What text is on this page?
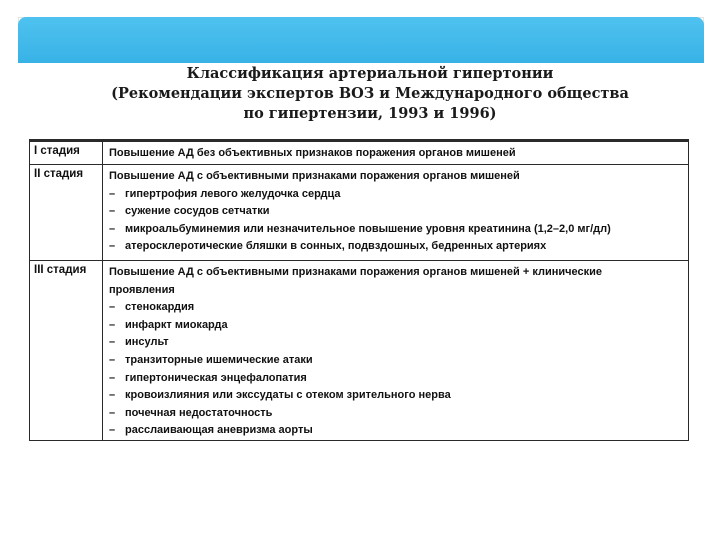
Классификация артериальной гипертонии
(Рекомендации экспертов ВОЗ и Международного общества
по гипертензии, 1993 и 1996)
I стадия	Повышение АД без объективных признаков поражения органов мишеней
II стадия Повышение АД с объективными признаками поражения органов мишеней
– гипертрофия левого желудочка сердца
– сужение сосудов сетчатки
– микроальбуминемия или незначительное повышение уровня креатинина (1,2–2,0 мг/дл)
– атеросклеротические бляшки в сонных, подвздошных, бедренных артериях
III стадия Повышение АД с объективными признаками поражения органов мишеней + клинические
проявления
– стенокардия
– инфаркт миокарда
– инсульт
– транзиторные ишемические атаки
– гипертоническая энцефалопатия
– кровоизлияния или экссудаты с отеком зрительного нерва
– почечная недостаточность
– расслаивающая аневризма аорты
